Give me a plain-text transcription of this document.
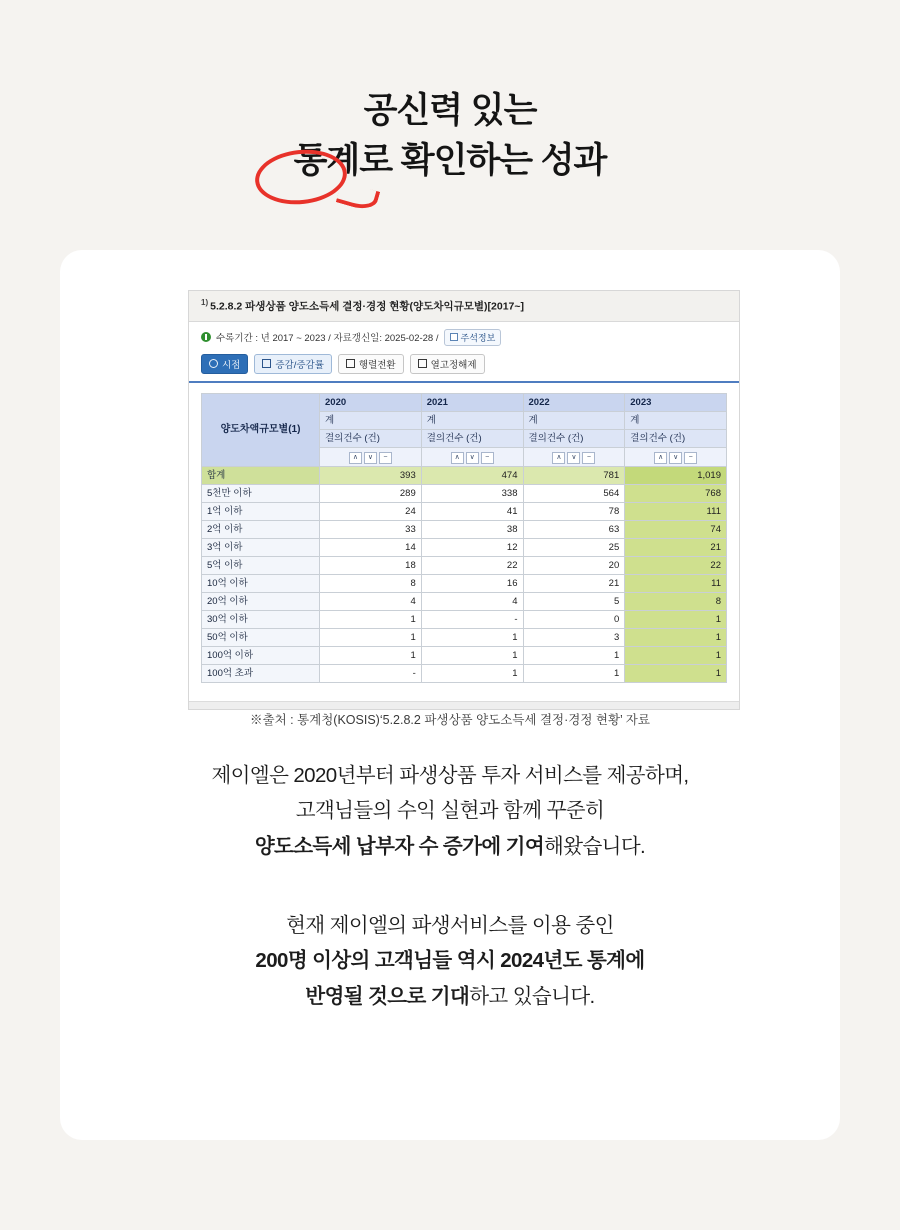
공신력 있는
통계로 확인하는 성과
$^{1)}$ 5.2.8.2 파생상품 양도소득세 결정·경정 현황(양도차익규모별)[2017~]
수록기간 : 년 2017 ~ 2023 / 자료갱신일: 2025-02-28 / 주석정보
시점	증감/증감률	행렬전환	열고정해제
양도차액규모별(1)	2020	2021	2022	2023
	계	계	계	계
	결의건수 (건)	결의건수 (건)	결의건수 (건)	결의건수 (건)

	∧ ∨ −	∧ ∨ −	∧ ∨ −	∧ ∨ −

합계	393	474	781	1,019
5천만 이하	289	338	564	768
1억 이하	24	41	78	111
2억 이하	33	38	63	74
3억 이하	14	12	25	21
5억 이하	18	22	20	22
10억 이하	8	16	21	11
20억 이하	4	4	5	8
30억 이하	1	-	0	1
50억 이하	1	1	3	1
100억 이하	1	1	1	1
100억 초과	-	1	1	1
※출처 : 통계청(KOSIS)‘5.2.8.2 파생상품 양도소득세 결정·경정 현황’ 자료
제이엘은 2020년부터 파생상품 투자 서비스를 제공하며,
고객님들의 수익 실현과 함께 꾸준히
양도소득세 납부자 수 증가에 기여해왔습니다.
현재 제이엘의 파생서비스를 이용 중인
200명 이상의 고객님들 역시 2024년도 통계에
반영될 것으로 기대하고 있습니다.
